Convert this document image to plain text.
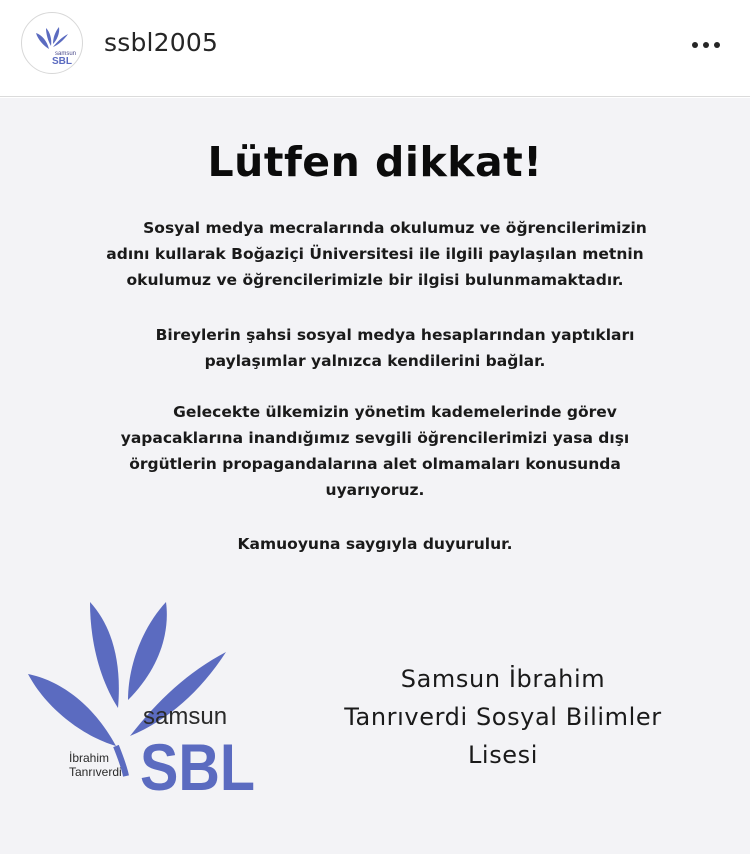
samsun
SBL
ssbl2005
Lütfen dikkat!
Sosyal medya mecralarında okulumuz ve öğrencilerimizin
adını kullarak Boğaziçi Üniversitesi ile ilgili paylaşılan metnin
okulumuz ve öğrencilerimizle bir ilgisi bulunmamaktadır.
Bireylerin şahsi sosyal medya hesaplarından yaptıkları
paylaşımlar yalnızca kendilerini bağlar.
Gelecekte ülkemizin yönetim kademelerinde görev
yapacaklarına inandığımız sevgili öğrencilerimizi yasa dışı
örgütlerin propagandalarına alet olmamaları konusunda
uyarıyoruz.
Kamuoyuna saygıyla duyurulur.
samsun
İbrahim
Tanrıverdi SBL
Samsun İbrahim
Tanrıverdi Sosyal Bilimler
Lisesi
